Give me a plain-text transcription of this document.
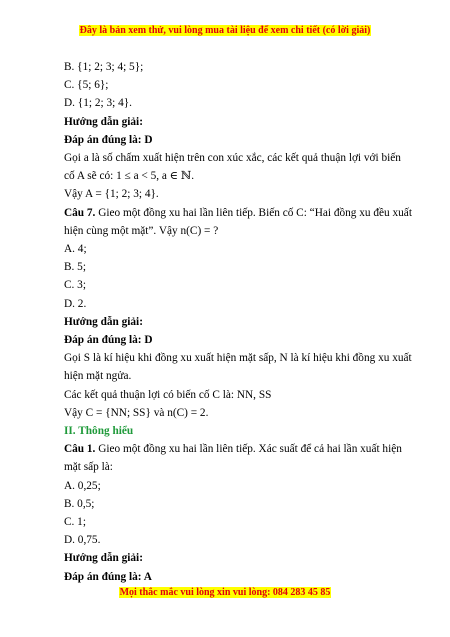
Đây là bản xem thử, vui lòng mua tài liệu để xem chi tiết (có lời giải)
B. {1; 2; 3; 4; 5};
C. {5; 6};
D. {1; 2; 3; 4}.
Hướng dẫn giải:
Đáp án đúng là: D
Gọi a là số chấm xuất hiện trên con xúc xắc, các kết quả thuận lợi với biến
cố A sẽ có: 1 ≤ a < 5, a ∈ ℕ.
Vậy A = {1; 2; 3; 4}.
Câu 7. Gieo một đồng xu hai lần liên tiếp. Biến cố C: “Hai đồng xu đều xuất
hiện cùng một mặt”. Vậy n(C) = ?
A. 4;
B. 5;
C. 3;
D. 2.
Hướng dẫn giải:
Đáp án đúng là: D
Gọi S là kí hiệu khi đồng xu xuất hiện mặt sấp, N là kí hiệu khi đồng xu xuất
hiện mặt ngửa.
Các kết quả thuận lợi có biến cố C là: NN, SS
Vậy C = {NN; SS} và n(C) = 2.
II. Thông hiểu
Câu 1. Gieo một đồng xu hai lần liên tiếp. Xác suất để cả hai lần xuất hiện
mặt sấp là:
A. 0,25;
B. 0,5;
C. 1;
D. 0,75.
Hướng dẫn giải:
Đáp án đúng là: A
Mọi thắc mắc vui lòng xin vui lòng: 084 283 45 85
